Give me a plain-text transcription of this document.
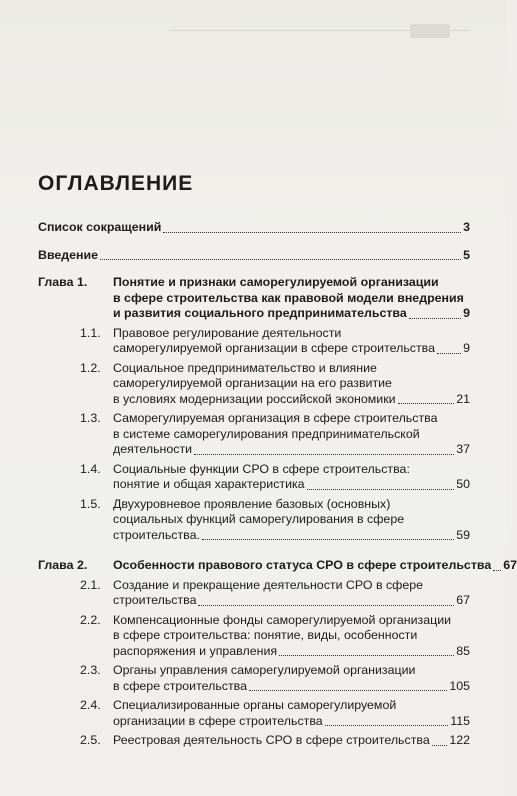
ОГЛАВЛЕНИЕ
Список сокращений	3
Введение	5
Глава 1.	Понятие и признаки саморегулируемой организации
в сфере строительства как правовой модели внедрения
и развития социального предпринимательства	9
1.1. Правовое регулирование деятельности
саморегулируемой организации в сфере строительства 9
1.2. Социальное предпринимательство и влияние
саморегулируемой организации на его развитие
в условиях модернизации российской экономики	21
1.3. Саморегулируемая организация в сфере строительства
в системе саморегулирования предпринимательской
деятельности	37
1.4. Социальные функции СРО в сфере строительства:
понятие и общая характеристика	50
1.5. Двухуровневое проявление базовых (основных)
социальных функций саморегулирования в сфере
строительства.	59
Глава 2.	Особенности правового статуса СРО в сфере строительства 67
2.1. Создание и прекращение деятельности СРО в сфере
строительства	67
2.2. Компенсационные фонды саморегулируемой организации
в сфере строительства: понятие, виды, особенности
распоряжения и управления	85
2.3. Органы управления саморегулируемой организации
в сфере строительства	105
2.4. Специализированные органы саморегулируемой
организации в сфере строительства	115
2.5. Реестровая деятельность СРО в сфере строительства 122
